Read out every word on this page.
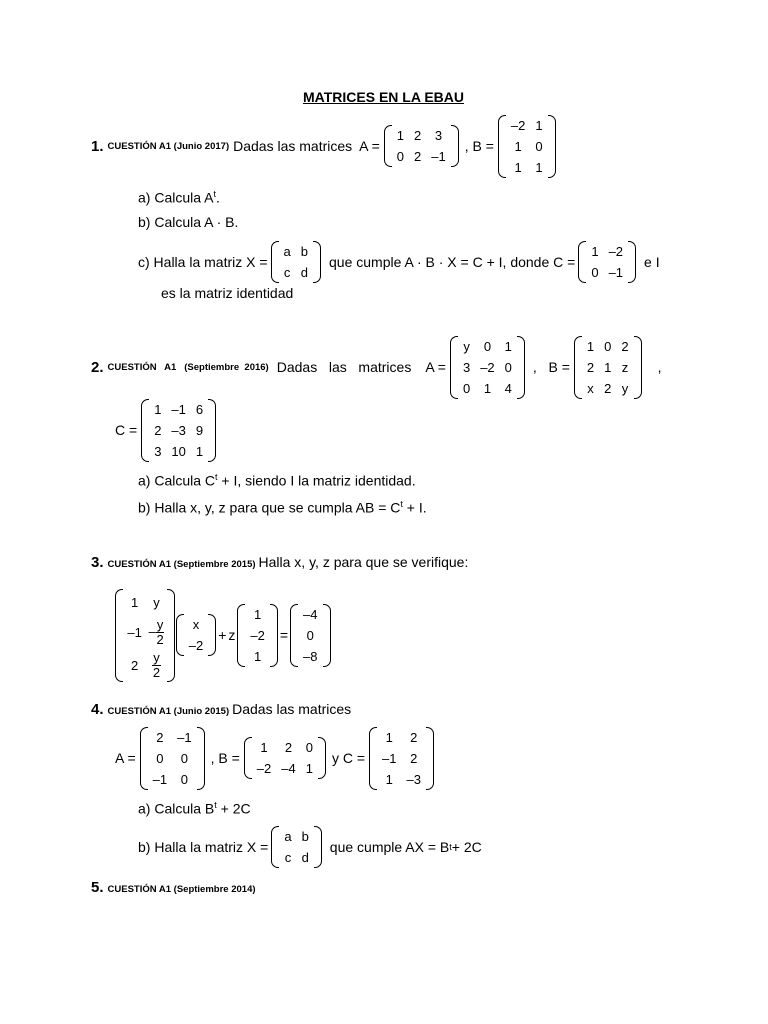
MATRICES EN LA EBAU
1. CUESTIÓN A1 (Junio 2017) Dadas las matrices A =
1	2	3
0	2	–1
, B =
–2	1
1	0
1	1
a) Calcula $A^t$.
b) Calcula A · B.
c) Halla la matriz X =
a	b
c	d
que cumple A · B · X = C + I, donde C =
1	–2
0	–1
e I
es la matriz identidad
2. CUESTIÓN   A1   (Septiembre  2016) Dadas   las   matrices A =
y	0	1
3	–2	0
0	1	4
,   B =
1	0	2
2	1	z
x	2	y
,
C =
1	–1	6
2	–3	9
3	10	1
a) Calcula $C^t + I$, siendo I la matriz identidad.
b) Halla x, y, z para que se cumpla AB = $C^t + I$.
3. CUESTIÓN A1 (Septiembre 2015) Halla x, y, z para que se verifique:
1	y
–1	– $\frac{y}{2}$

2	$\frac{y}{2}$
x
–2
+ z
1
–2
1
=
–4
0
–8
4. CUESTIÓN A1 (Junio 2015) Dadas las matrices
A =
2	–1
0	0
–1	0
, B =
1	2	0
–2	–4	1
y C =
1	2
–1	2
1	–3
a) Calcula $B^t + 2C$
b) Halla la matriz X =
a	b
c	d
que cumple AX = B t + 2C
5. CUESTIÓN A1 (Septiembre 2014)
